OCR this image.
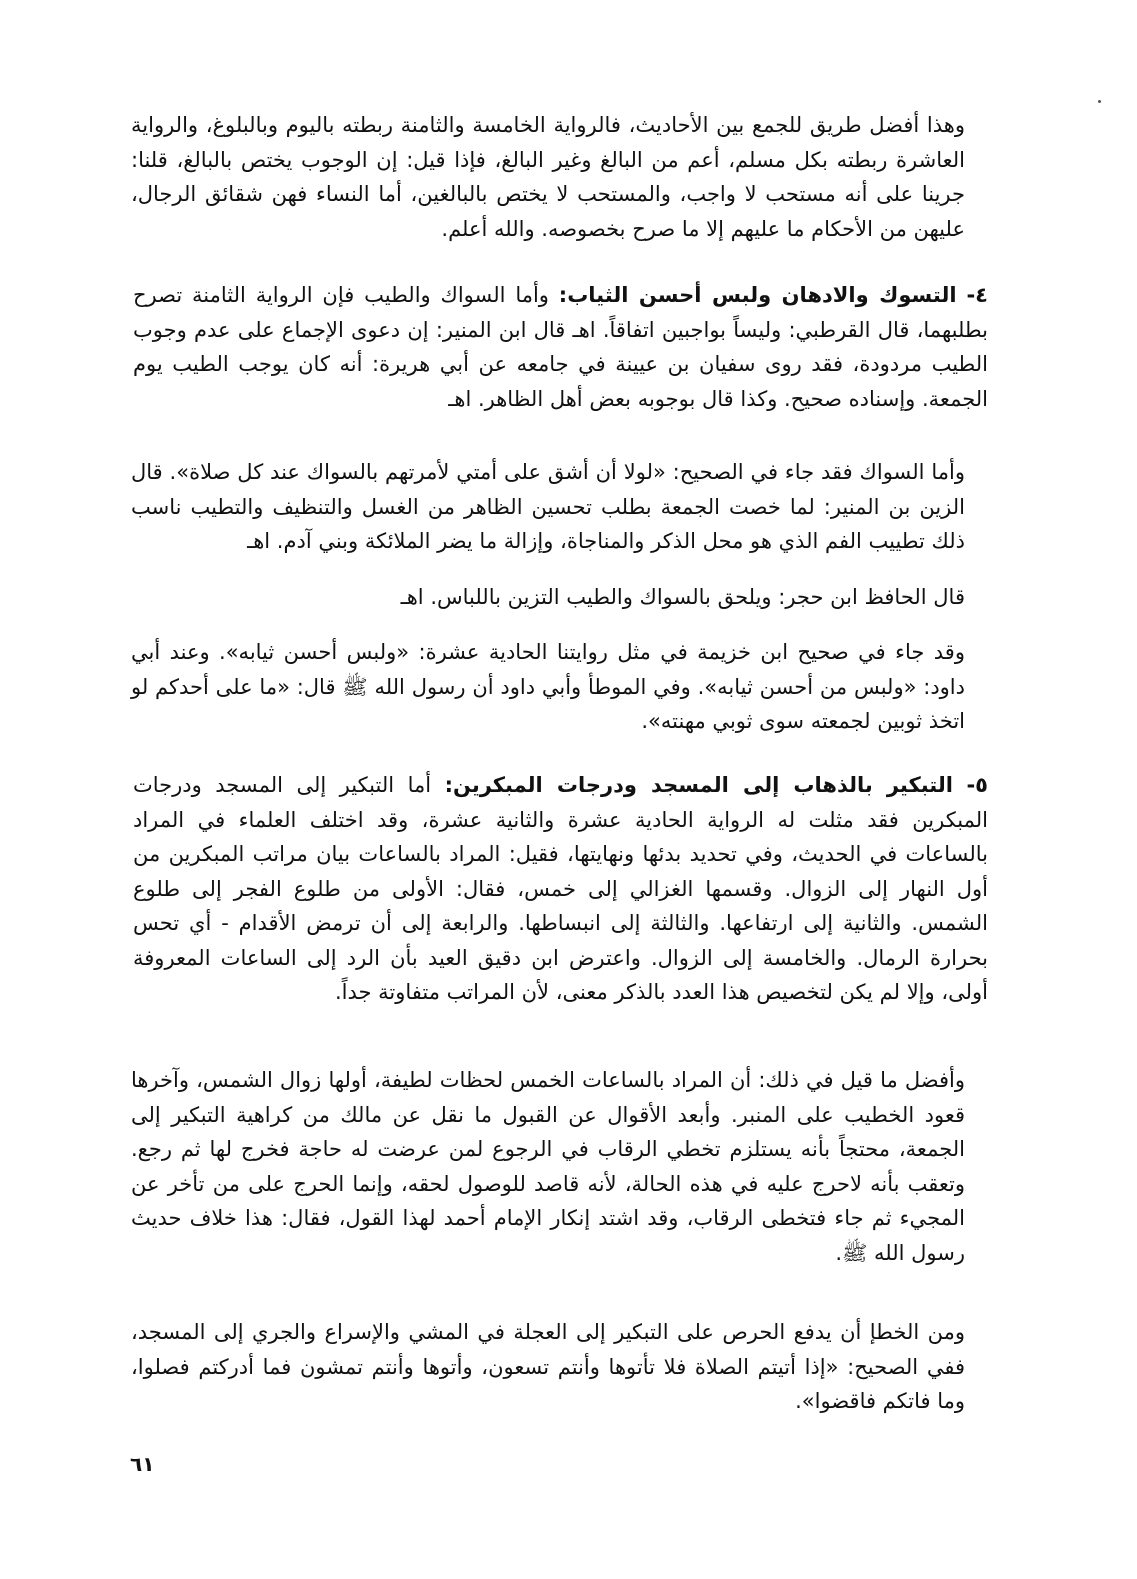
وهذا أفضل طريق للجمع بين الأحاديث، فالرواية الخامسة والثامنة ربطته باليوم وبالبلوغ، والرواية العاشرة ربطته بكل مسلم، أعم من البالغ وغير البالغ، فإذا قيل: إن الوجوب يختص بالبالغ، قلنا: جرينا على أنه مستحب لا واجب، والمستحب لا يختص بالبالغين، أما النساء فهن شقائق الرجال، عليهن من الأحكام ما عليهم إلا ما صرح بخصوصه. والله أعلم.

٤- التسوك والادهان ولبس أحسن الثياب: وأما السواك والطيب فإن الرواية الثامنة تصرح بطلبهما، قال القرطبي: وليساً بواجبين اتفاقاً. اهـ قال ابن المنير: إن دعوى الإجماع على عدم وجوب الطيب مردودة، فقد روى سفيان بن عيينة في جامعه عن أبي هريرة: أنه كان يوجب الطيب يوم الجمعة. وإسناده صحيح. وكذا قال بوجوبه بعض أهل الظاهر. اهـ

وأما السواك فقد جاء في الصحيح: «لولا أن أشق على أمتي لأمرتهم بالسواك عند كل صلاة». قال الزين بن المنير: لما خصت الجمعة بطلب تحسين الظاهر من الغسل والتنظيف والتطيب ناسب ذلك تطييب الفم الذي هو محل الذكر والمناجاة، وإزالة ما يضر الملائكة وبني آدم. اهـ

قال الحافظ ابن حجر: ويلحق بالسواك والطيب التزين باللباس. اهـ

وقد جاء في صحيح ابن خزيمة في مثل روايتنا الحادية عشرة: «ولبس أحسن ثيابه». وعند أبي داود: «ولبس من أحسن ثيابه». وفي الموطأ وأبي داود أن رسول الله ﷺ قال: «ما على أحدكم لو اتخذ ثوبين لجمعته سوى ثوبي مهنته».

٥- التبكير بالذهاب إلى المسجد ودرجات المبكرين: أما التبكير إلى المسجد ودرجات المبكرين فقد مثلت له الرواية الحادية عشرة والثانية عشرة، وقد اختلف العلماء في المراد بالساعات في الحديث، وفي تحديد بدئها ونهايتها، فقيل: المراد بالساعات بيان مراتب المبكرين من أول النهار إلى الزوال. وقسمها الغزالي إلى خمس، فقال: الأولى من طلوع الفجر إلى طلوع الشمس. والثانية إلى ارتفاعها. والثالثة إلى انبساطها. والرابعة إلى أن ترمض الأقدام - أي تحس بحرارة الرمال. والخامسة إلى الزوال. واعترض ابن دقيق العيد بأن الرد إلى الساعات المعروفة أولى، وإلا لم يكن لتخصيص هذا العدد بالذكر معنى، لأن المراتب متفاوتة جداً.

وأفضل ما قيل في ذلك: أن المراد بالساعات الخمس لحظات لطيفة، أولها زوال الشمس، وآخرها قعود الخطيب على المنبر. وأبعد الأقوال عن القبول ما نقل عن مالك من كراهية التبكير إلى الجمعة، محتجاً بأنه يستلزم تخطي الرقاب في الرجوع لمن عرضت له حاجة فخرج لها ثم رجع. وتعقب بأنه لاحرج عليه في هذه الحالة، لأنه قاصد للوصول لحقه، وإنما الحرج على من تأخر عن المجيء ثم جاء فتخطى الرقاب، وقد اشتد إنكار الإمام أحمد لهذا القول، فقال: هذا خلاف حديث رسول الله ﷺ.

ومن الخطإ أن يدفع الحرص على التبكير إلى العجلة في المشي والإسراع والجري إلى المسجد، ففي الصحيح: «إذا أتيتم الصلاة فلا تأتوها وأنتم تسعون، وأتوها وأنتم تمشون فما أدركتم فصلوا، وما فاتكم فاقضوا».

٦١
